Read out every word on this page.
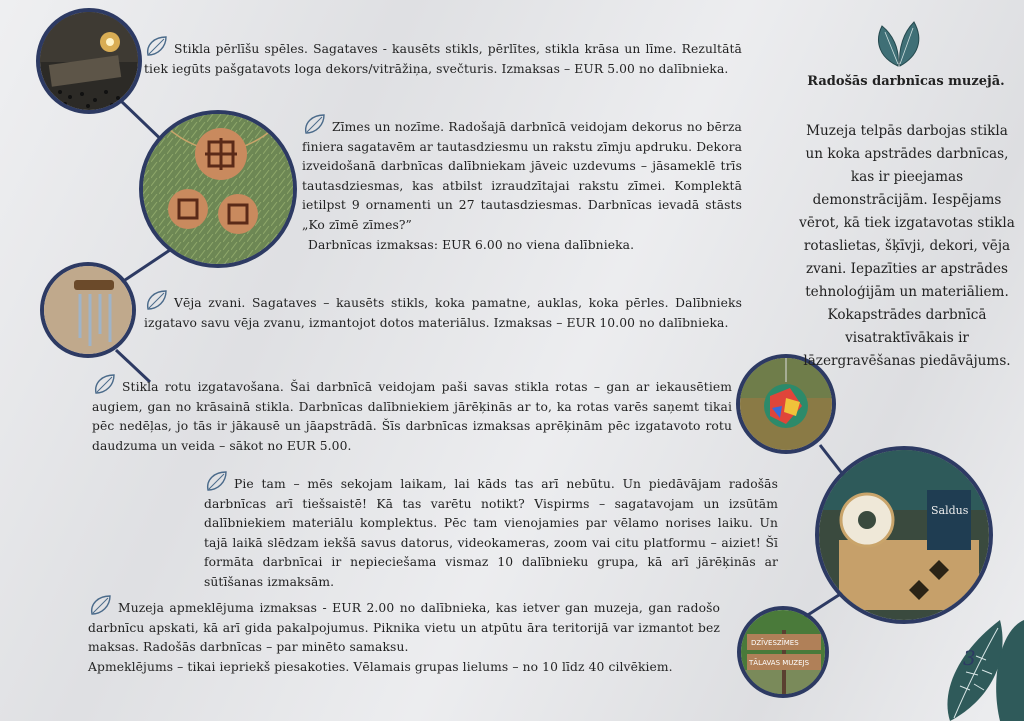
Saldus
DZĪVESZĪMES
TĀLAVAS MUZEJS

Stikla pērlīšu spēles. Sagataves - kausēts stikls, pērlītes, stikla krāsa un līme. Rezultātā tiek iegūts pašgatavots loga dekors/vitrāžiņa, svečturis. Izmaksas – EUR 5.00 no dalībnieka.

Zīmes un nozīme. Radošajā darbnīcā veidojam dekorus no bērza finiera sagatavēm ar tautasdziesmu un rakstu zīmju apdruku. Dekora izveidošanā darbnīcas dalībniekam jāveic uzdevums – jāsameklē trīs tautasdziesmas, kas atbilst izraudzītajai rakstu zīmei. Komplektā ietilpst 9 ornamenti un 27 tautasdziesmas. Darbnīcas ievadā stāsts „Ko zīmē zīmes?”

Darbnīcas izmaksas: EUR 6.00 no viena dalībnieka.

Vēja zvani. Sagataves – kausēts stikls, koka pamatne, auklas, koka pērles. Dalībnieks izgatavo savu vēja zvanu, izmantojot dotos materiālus. Izmaksas – EUR 10.00 no dalībnieka.

Stikla rotu izgatavošana. Šai darbnīcā veidojam paši savas stikla rotas – gan ar iekausētiem augiem, gan no krāsainā stikla. Darbnīcas dalībniekiem jārēķinās ar to, ka rotas varēs saņemt tikai pēc nedēļas, jo tās ir jākausē un jāapstrādā. Šīs darbnīcas izmaksas aprēķinām pēc izgatavoto rotu daudzuma un veida – sākot no EUR 5.00.

Pie tam – mēs sekojam laikam, lai kāds tas arī nebūtu. Un piedāvājam radošās darbnīcas arī tiešsaistē! Kā tas varētu notikt? Vispirms – sagatavojam un izsūtām dalībniekiem materiālu komplektus. Pēc tam vienojamies par vēlamo norises laiku. Un tajā laikā slēdzam iekšā savus datorus, videokameras, zoom vai citu platformu – aiziet! Šī formāta darbnīcai ir nepieciešama vismaz 10 dalībnieku grupa, kā arī jārēķinās ar sūtīšanas izmaksām.

Muzeja apmeklējuma izmaksas - EUR 2.00 no dalībnieka, kas ietver gan muzeja, gan radošo darbnīcu apskati, kā arī gida pakalpojumus. Piknika vietu un atpūtu āra teritorijā var izmantot bez maksas. Radošās darbnīcas – par minēto samaksu.

Apmeklējums – tikai iepriekš piesakoties. Vēlamais grupas lielums – no 10 līdz 40 cilvēkiem.

Radošās darbnīcas muzejā.
Muzeja telpās darbojas stikla un koka apstrādes darbnīcas, kas ir pieejamas demonstrācijām. Iespējams vērot, kā tiek izgatavotas stikla rotaslietas, šķīvji, dekori, vēja zvani. Iepazīties ar apstrādes tehnoloģijām un materiāliem. Kokapstrādes darbnīcā visatraktīvākais ir lāzergravēšanas piedāvājums.
3
